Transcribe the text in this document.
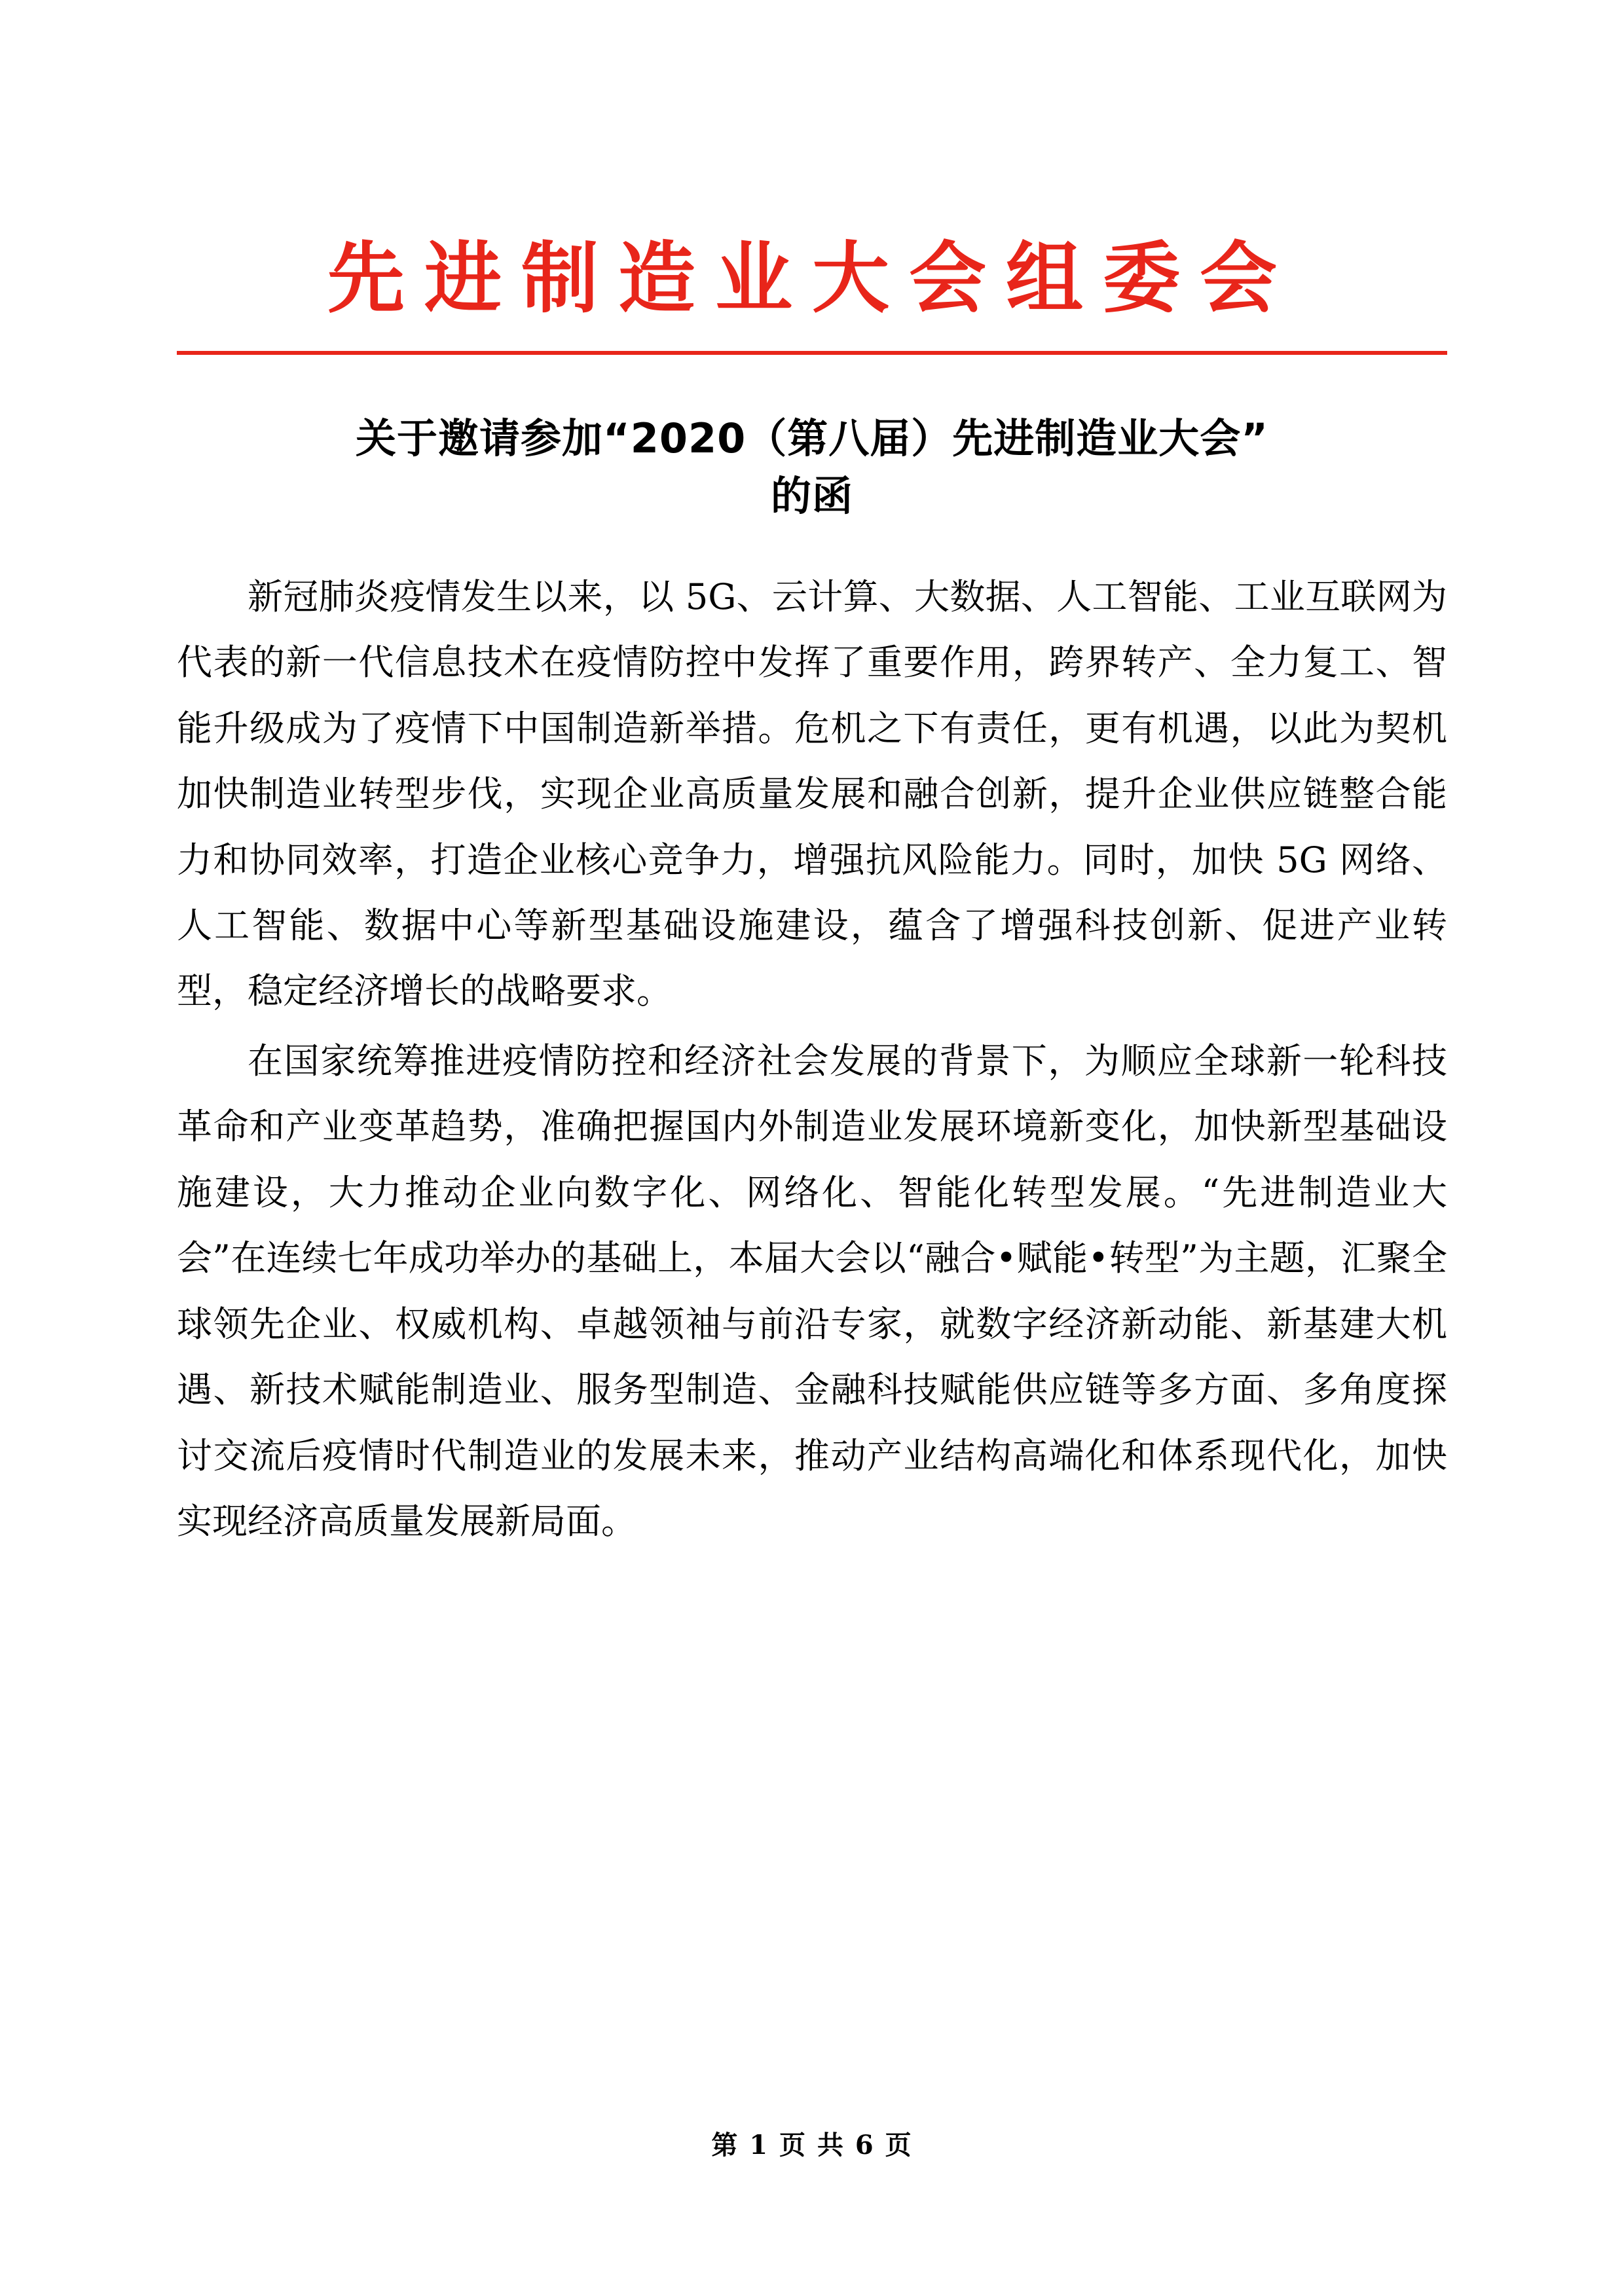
先进制造业大会组委会
关于邀请参加“2020（第八届）先进制造业大会”
的函

新冠肺炎疫情发生以来，以 5G、云计算、大数据、人工智能、工业互联网为代表的新一代信息技术在疫情防控中发挥了重要作用，跨界转产、全力复工、智能升级成为了疫情下中国制造新举措。危机之下有责任，更有机遇，以此为契机加快制造业转型步伐，实现企业高质量发展和融合创新，提升企业供应链整合能力和协同效率，打造企业核心竞争力，增强抗风险能力。同时，加快 5G 网络、人工智能、数据中心等新型基础设施建设，蕴含了增强科技创新、促进产业转型，稳定经济增长的战略要求。

在国家统筹推进疫情防控和经济社会发展的背景下，为顺应全球新一轮科技革命和产业变革趋势，准确把握国内外制造业发展环境新变化，加快新型基础设施建设，大力推动企业向数字化、网络化、智能化转型发展。“先进制造业大会”在连续七年成功举办的基础上，本届大会以“融合•赋能•转型”为主题，汇聚全球领先企业、权威机构、卓越领袖与前沿专家，就数字经济新动能、新基建大机遇、新技术赋能制造业、服务型制造、金融科技赋能供应链等多方面、多角度探讨交流后疫情时代制造业的发展未来，推动产业结构高端化和体系现代化，加快实现经济高质量发展新局面。

第 1 页 共 6 页
